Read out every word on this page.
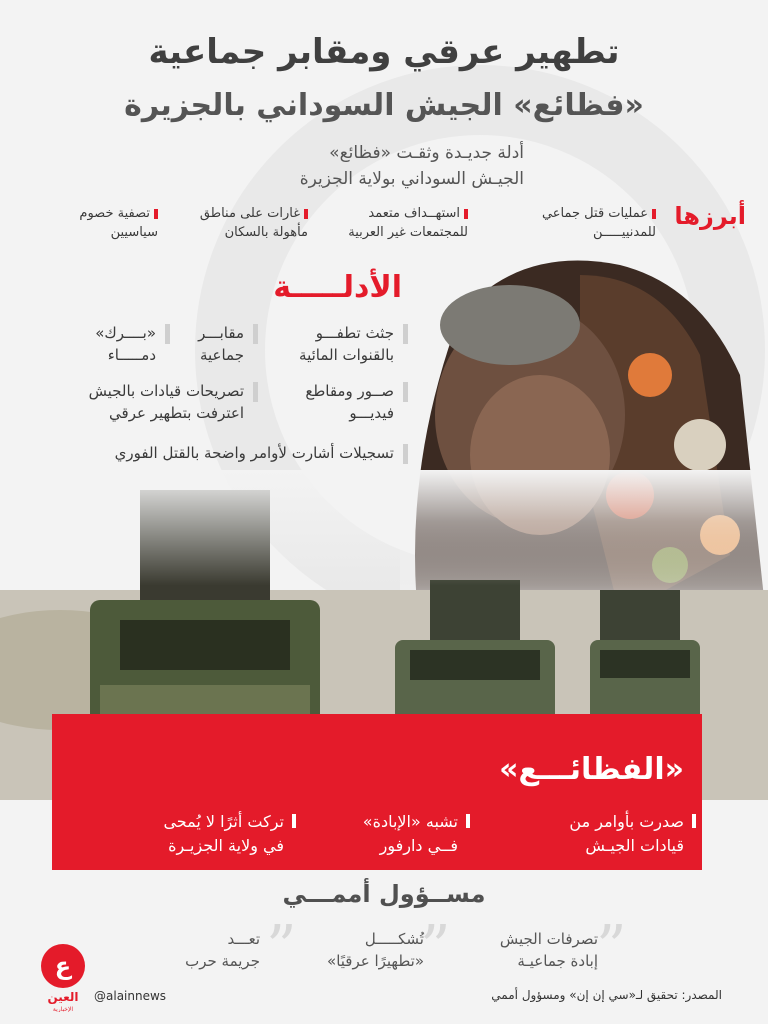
تطهير عرقي ومقابر جماعية
«فظائع» الجيش السوداني بالجزيرة
أدلة جديـدة وثقـت «فظائع»
الجيـش السوداني بولاية الجزيرة
أبرزها
عمليات قتل جماعي
للمدنييـــــن
استهــداف متعمد
للمجتمعات غير العربية
غارات على مناطق
مأهولة بالسكان
تصفية خصوم
سياسيين
الأدلـــــة
جثث تطفـــو
بالقنوات المائية
مقابـــر
جماعية
«بــــرك»
دمـــــاء
صــور ومقاطع
فيديـــو
تصريحات قيادات بالجيش
اعترفت بتطهير عرقي
تسجيلات أشارت لأوامر واضحة بالقتل الفوري
«الفظائـــع»
صدرت بأوامر من
قيادات الجيـش
تشبه «الإبادة»
فــي دارفور
تركت أثرًا لا يُمحى
في ولاية الجزيـرة
مســؤول أممـــي
”
تصرفات الجيش
إبادة جماعيـة
”
تُشكـــــل
«تطهيرًا عرقيًا»
”
تعـــد
جريمة حرب
المصدر: تحقيق لـ«سي إن إن» ومسؤول أممي
@alainnews
ع
العين
الإخبارية
